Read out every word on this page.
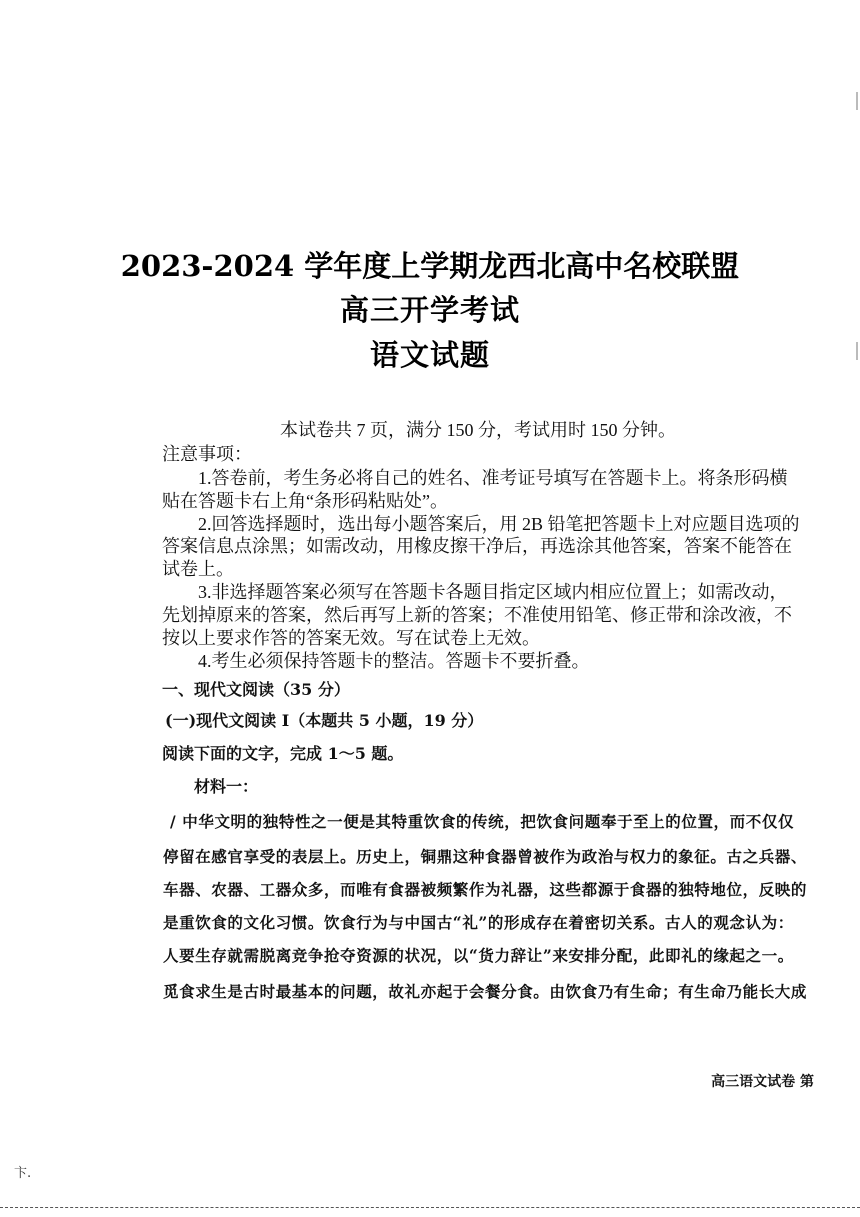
2023-2024 学年度上学期龙西北高中名校联盟
高三开学考试
语文试题
本试卷共 7 页，满分 150 分，考试用时 150 分钟。
注意事项：
1.答卷前，考生务必将自己的姓名、准考证号填写在答题卡上。将条形码横
贴在答题卡右上角“条形码粘贴处”。
2.回答选择题时，选出每小题答案后，用 2B 铅笔把答题卡上对应题目选项的
答案信息点涂黑；如需改动，用橡皮擦干净后，再选涂其他答案，答案不能答在
试卷上。
3.非选择题答案必须写在答题卡各题目指定区域内相应位置上；如需改动，
先划掉原来的答案，然后再写上新的答案；不准使用铅笔、修正带和涂改液，不
按以上要求作答的答案无效。写在试卷上无效。
4.考生必须保持答题卡的整洁。答题卡不要折叠。
一、现代文阅读（35 分）
(一)现代文阅读 I（本题共 5 小题，19 分）
阅读下面的文字，完成 1～5 题。
材料一：
/ 中华文明的独特性之一便是其特重饮食的传统，把饮食问题奉于至上的位置，而不仅仅
停留在感官享受的表层上。历史上，铜鼎这种食器曾被作为政治与权力的象征。古之兵器、
车器、农器、工器众多，而唯有食器被频繁作为礼器，这些都源于食器的独特地位，反映的
是重饮食的文化习惯。饮食行为与中国古“礼”的形成存在着密切关系。古人的观念认为：
人要生存就需脱离竞争抢夺资源的状况，以“货力辞让”来安排分配，此即礼的缘起之一。
觅食求生是古时最基本的问题，故礼亦起于会餐分食。由饮食乃有生命；有生命乃能长大成
高三语文试卷 第
卞.
